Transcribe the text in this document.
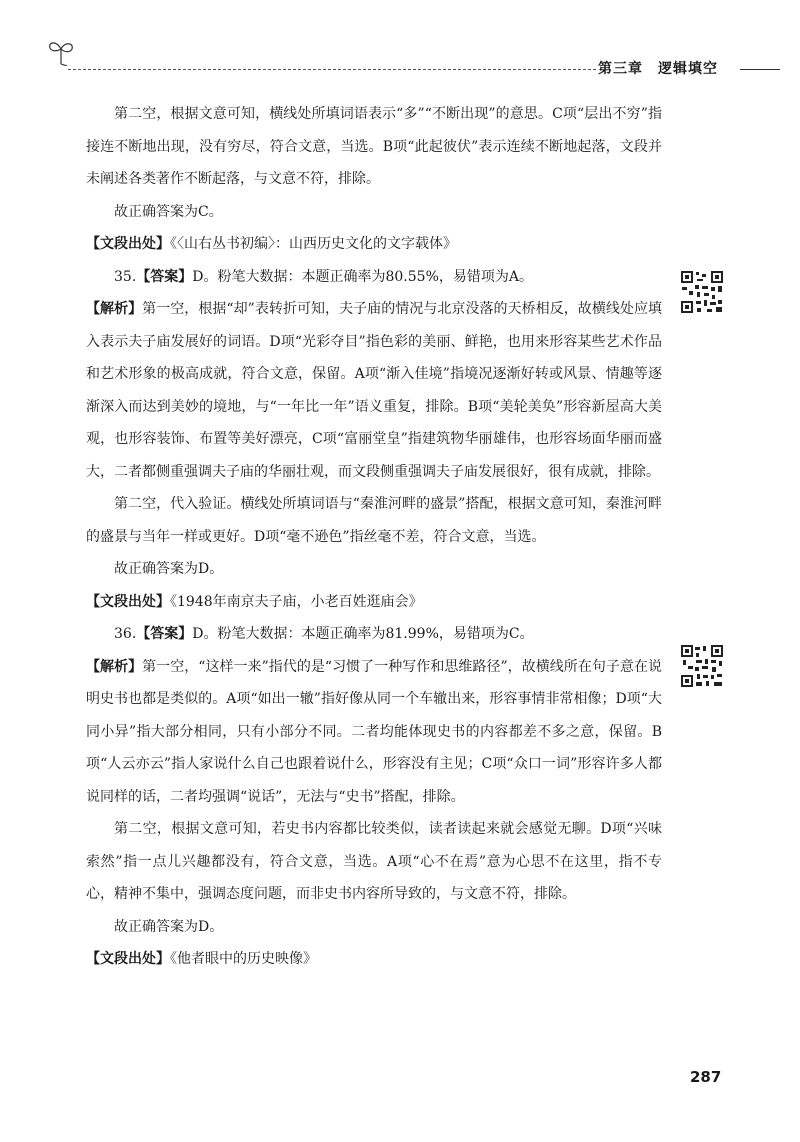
第三章　逻辑填空

第二空，根据文意可知，横线处所填词语表示“多”“不断出现”的意思。C项“层出不穷”指接连不断地出现，没有穷尽，符合文意，当选。B项“此起彼伏”表示连续不断地起落，文段并未阐述各类著作不断起落，与文意不符，排除。

故正确答案为C。

【文段出处】《〈山右丛书初编〉：山西历史文化的文字载体》

35.【答案】D。粉笔大数据：本题正确率为80.55%，易错项为A。

【解析】第一空，根据“却”表转折可知，夫子庙的情况与北京没落的天桥相反，故横线处应填入表示夫子庙发展好的词语。D项“光彩夺目”指色彩的美丽、鲜艳，也用来形容某些艺术作品和艺术形象的极高成就，符合文意，保留。A项“渐入佳境”指境况逐渐好转或风景、情趣等逐渐深入而达到美妙的境地，与“一年比一年”语义重复，排除。B项“美轮美奂”形容新屋高大美观，也形容装饰、布置等美好漂亮，C项“富丽堂皇”指建筑物华丽雄伟，也形容场面华丽而盛大，二者都侧重强调夫子庙的华丽壮观，而文段侧重强调夫子庙发展很好，很有成就，排除。

第二空，代入验证。横线处所填词语与“秦淮河畔的盛景”搭配，根据文意可知，秦淮河畔的盛景与当年一样或更好。D项“毫不逊色”指丝毫不差，符合文意，当选。

故正确答案为D。

【文段出处】《1948年南京夫子庙，小老百姓逛庙会》

36.【答案】D。粉笔大数据：本题正确率为81.99%，易错项为C。

【解析】第一空，“这样一来”指代的是“习惯了一种写作和思维路径”，故横线所在句子意在说明史书也都是类似的。A项“如出一辙”指好像从同一个车辙出来，形容事情非常相像；D项“大同小异”指大部分相同，只有小部分不同。二者均能体现史书的内容都差不多之意，保留。B项“人云亦云”指人家说什么自己也跟着说什么，形容没有主见；C项“众口一词”形容许多人都说同样的话，二者均强调“说话”，无法与“史书”搭配，排除。

第二空，根据文意可知，若史书内容都比较类似，读者读起来就会感觉无聊。D项“兴味索然”指一点儿兴趣都没有，符合文意，当选。A项“心不在焉”意为心思不在这里，指不专心，精神不集中，强调态度问题，而非史书内容所导致的，与文意不符，排除。

故正确答案为D。

【文段出处】《他者眼中的历史映像》

287
